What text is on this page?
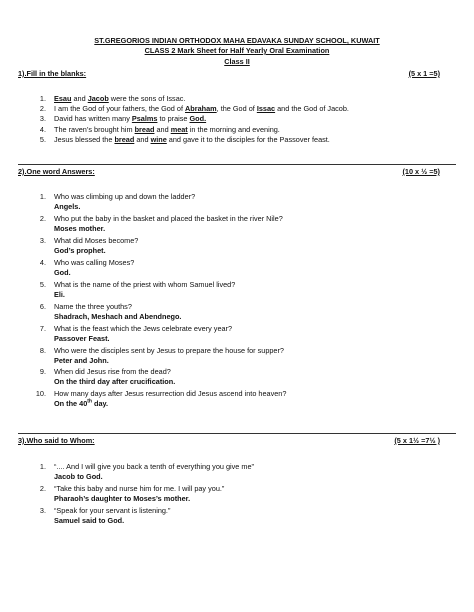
ST.GREGORIOS INDIAN ORTHODOX MAHA EDAVAKA SUNDAY SCHOOL, KUWAIT
CLASS 2 Mark Sheet for Half Yearly Oral Examination
Class II
1).Fill in the blanks:	(5 x 1 =5)
1. Esau and Jacob were the sons of Issac.
2. I am the God of your fathers, the God of Abraham, the God of Issac and the God of Jacob.
3. David has written many Psalms to praise God.
4. The raven’s brought him bread and meat in the morning and evening.
5. Jesus blessed the bread and wine and gave it to the disciples for the Passover feast.
2).One word Answers:	(10 x ½ =5)
1. Who was climbing up and down the ladder?
Angels.
2. Who put the baby in the basket and placed the basket in the river Nile?
Moses mother.
3. What did Moses become?
God’s prophet.
4. Who was calling Moses?
God.
5. What is the name of the priest with whom Samuel lived?
Eli.
6. Name the three youths?
Shadrach, Meshach and Abendnego.
7. What is the feast which the Jews celebrate every year?
Passover Feast.
8. Who were the disciples sent by Jesus to prepare the house for supper?
Peter and John.
9. When did Jesus rise from the dead?
On the third day after crucification.
10. How many days after Jesus resurrection did Jesus ascend into heaven?
On the 40th day.
3).Who said to Whom:	(5 x 1½ =7½ )
1. “.... And I will give you back a tenth of everything you give me”
Jacob to God.
2. “Take this baby and nurse him for me. I will pay you.”
Pharaoh’s daughter to Moses’s mother.
3. “Speak for your servant is listening.”
Samuel said to God.
